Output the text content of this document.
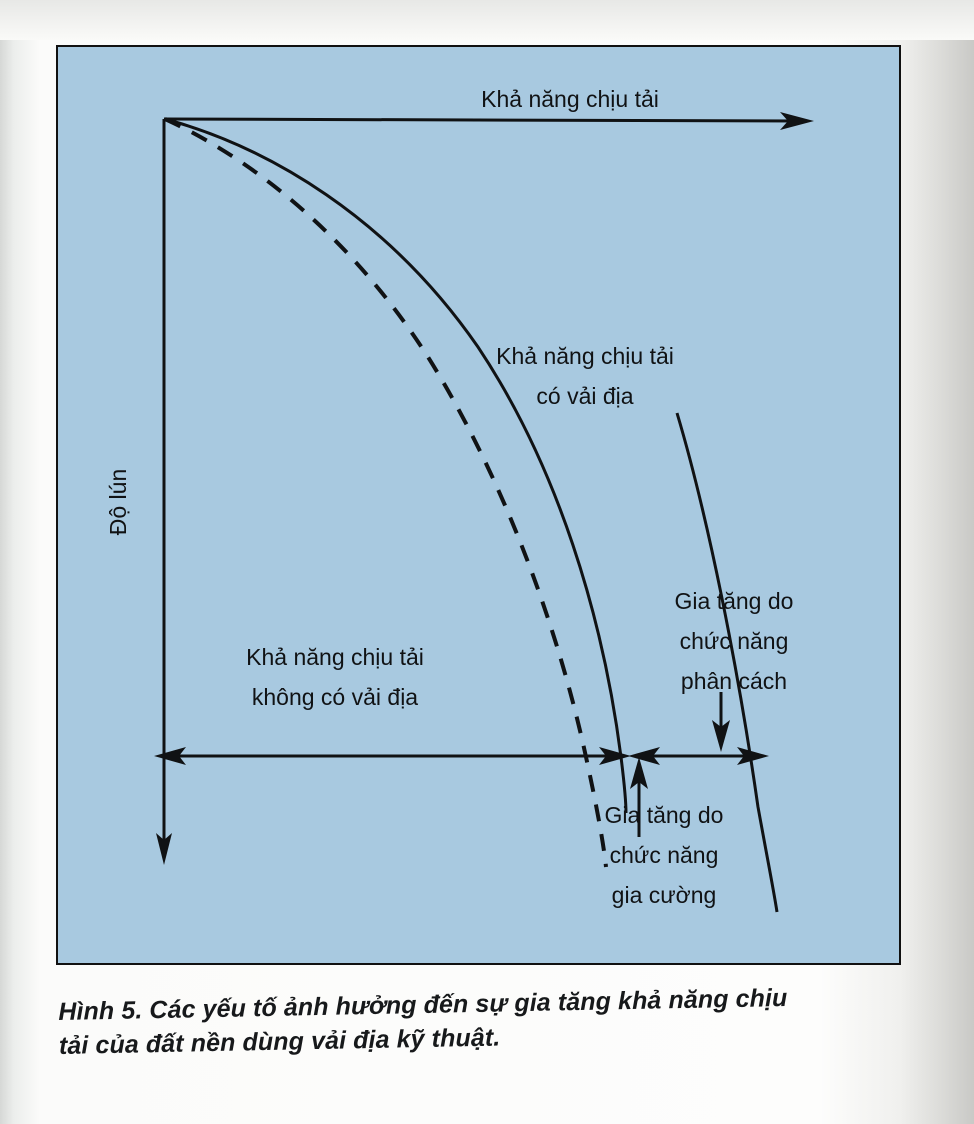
Khả năng chịu tải
Độ lún
Khả năng chịu tải
có vải địa
Gia tăng do
chức năng
phân cách
Khả năng chịu tải
không có vải địa
Gia tăng do
chức năng
gia cường
Hình 5. Các yếu tố ảnh hưởng đến sự gia tăng khả năng chịu
tải của đất nền dùng vải địa kỹ thuật.
